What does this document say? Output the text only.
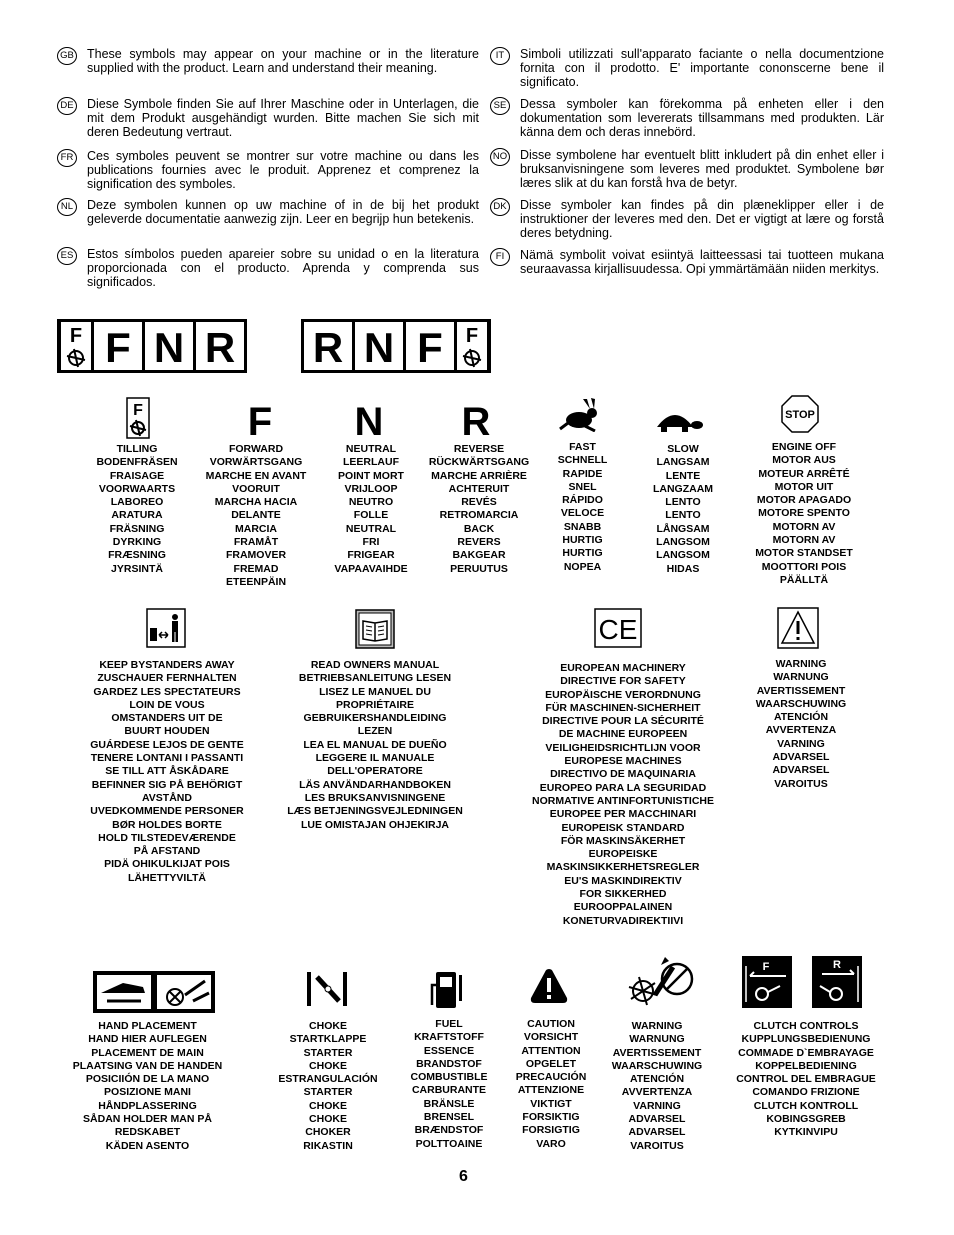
GB These symbols may appear on your machine or in the literature supplied with the product. Learn and understand their meaning.
DE Diese Symbole finden Sie auf Ihrer Maschine oder in Unterlagen, die mit dem Produkt ausgehändigt wurden. Bitte machen Sie sich mit deren Bedeutung vertraut.
FR Ces symboles peuvent se montrer sur votre machine ou dans les publications fournies avec le produit. Apprenez et comprenez la signification des symboles.
NL	Deze symbolen kunnen op uw machine of in de bij het produkt geleverde documentatie aanwezig zijn. Leer en begrijp hun betekenis.
ES Estos símbolos pueden apareier sobre su unidad o en la literatura proporcionada con el producto. Aprenda y comprenda sus significados.
IT	Simboli utilizzati sull'apparato faciante o nella documentzione fornita con il prodotto. E' importante cononscerne bene il significato.
SE Dessa symboler kan förekomma på enheten eller i den dokumentation som levererats tillsammans med produkten. Lär känna dem och deras innebörd.
NO Disse symbolene har eventuelt blitt inkludert på din enhet eller i bruksanvisningene som leveres med produktet. Symbolene bør læres slik at du kan forstå hva de betyr.
DK Disse symboler kan findes på din plæneklipper eller i de instruktioner der leveres med den. Det er vigtigt at lære og forstå deres betydning.
FI	Nämä symbolit voivat esiintyä laitteessasi tai tuotteen mukana seuraavassa kirjallisuudessa. Opi ymmärtämään niiden merkitys.
F F N R R N F F
F	F N R	STOP
TILLING
BODENFRÄSEN
FRAISAGE
VOORWAARTS
LABOREO
ARATURA
FRÄSNING
DYRKING
FRÆSNING
JYRSINTÄ
FORWARD
VORWÄRTSGANG
MARCHE EN AVANT
VOORUIT
MARCHA HACIA
DELANTE
MARCIA
FRAMÅT
FRAMOVER
FREMAD
ETEENPÄIN
NEUTRAL
LEERLAUF
POINT MORT
VRIJLOOP
NEUTRO
FOLLE
NEUTRAL
FRI
FRIGEAR
VAPAAVAIHDE
REVERSE
RÜCKWÄRTSGANG
MARCHE ARRIÈRE
ACHTERUIT
REVÉS
RETROMARCIA
BACK
REVERS
BAKGEAR
PERUUTUS
FAST
SCHNELL
RAPIDE
SNEL
RÁPIDO
VELOCE
SNABB
HURTIG
HURTIG
NOPEA
SLOW
LANGSAM
LENTE
LANGZAAM
LENTO
LENTO
LÅNGSAM
LANGSOM
LANGSOM
HIDAS
ENGINE OFF
MOTOR AUS
MOTEUR ARRÊTÉ
MOTOR UIT
MOTOR APAGADO
MOTORE SPENTO
MOTORN AV
MOTORN AV
MOTOR STANDSET
MOOTTORI POIS
PÄÄLLTÄ
CE
KEEP BYSTANDERS AWAY
ZUSCHAUER FERNHALTEN
GARDEZ LES SPECTATEURS
LOIN DE VOUS
OMSTANDERS UIT DE
BUURT HOUDEN
GUÁRDESE LEJOS DE GENTE
TENERE LONTANI I PASSANTI
SE TILL ATT ÅSKÅDARE
BEFINNER SIG PÅ BEHÖRIGT
AVSTÅND
UVEDKOMMENDE PERSONER
BØR HOLDES BORTE
HOLD TILSTEDEVÆRENDE
PÅ AFSTAND
PIDÄ OHIKULKIJAT POIS
LÄHETTYVILTÄ
READ OWNERS MANUAL
BETRIEBSANLEITUNG LESEN
LISEZ LE MANUEL DU
PROPRIÉTAIRE
GEBRUIKERSHANDLEIDING
LEZEN
LEA EL MANUAL DE DUEÑO
LEGGERE IL MANUALE
DELL'OPERATORE
LÄS ANVÄNDARHANDBOKEN
LES BRUKSANVISNINGENE
LÆS BETJENINGSVEJLEDNINGEN
LUE OMISTAJAN OHJEKIRJA
EUROPEAN MACHINERY
DIRECTIVE FOR SAFETY
EUROPÄISCHE VERORDNUNG
FÜR MASCHINEN-SICHERHEIT
DIRECTIVE POUR LA SÉCURITÉ
DE MACHINE EUROPEEN
VEILIGHEIDSRICHTLIJN VOOR
EUROPESE MACHINES
DIRECTIVO DE MAQUINARIA
EUROPEO PARA LA SEGURIDAD
NORMATIVE ANTINFORTUNISTICHE
EUROPEE PER MACCHINARI
EUROPEISK STANDARD
FÖR MASKINSÄKERHET
EUROPEISKE
MASKINSIKKERHETSREGLER
EU'S MASKINDIREKTIV
FOR SIKKERHED
EUROOPPALAINEN
KONETURVADIREKTIIVI
WARNING
WARNUNG
AVERTISSEMENT
WAARSCHUWING
ATENCIÓN
AVVERTENZA
VARNING
ADVARSEL
ADVARSEL
VAROITUS
F	R
HAND PLACEMENT
HAND HIER AUFLEGEN
PLACEMENT DE MAIN
PLAATSING VAN DE HANDEN
POSICIIÓN DE LA MANO
POSIZIONE MANI
HÅNDPLASSERING
SÅDAN HOLDER MAN PÅ
REDSKABET
KÄDEN ASENTO
CHOKE
STARTKLAPPE
STARTER
CHOKE
ESTRANGULACIÓN
STARTER
CHOKE
CHOKE
CHOKER
RIKASTIN
FUEL
KRAFTSTOFF
ESSENCE
BRANDSTOF
COMBUSTIBLE
CARBURANTE
BRÄNSLE
BRENSEL
BRÆNDSTOF
POLTTOAINE
CAUTION
VORSICHT
ATTENTION
OPGELET
PRECAUCIÓN
ATTENZIONE
VIKTIGT
FORSIKTIG
FORSIGTIG
VARO
WARNING
WARNUNG
AVERTISSEMENT
WAARSCHUWING
ATENCIÓN
AVVERTENZA
VARNING
ADVARSEL
ADVARSEL
VAROITUS
CLUTCH CONTROLS
KUPPLUNGSBEDIENUNG
COMMADE D`EMBRAYAGE
KOPPELBEDIENING
CONTROL DEL EMBRAGUE
COMANDO FRIZIONE
CLUTCH KONTROLL
KOBINGSGREB
KYTKINVIPU
6
